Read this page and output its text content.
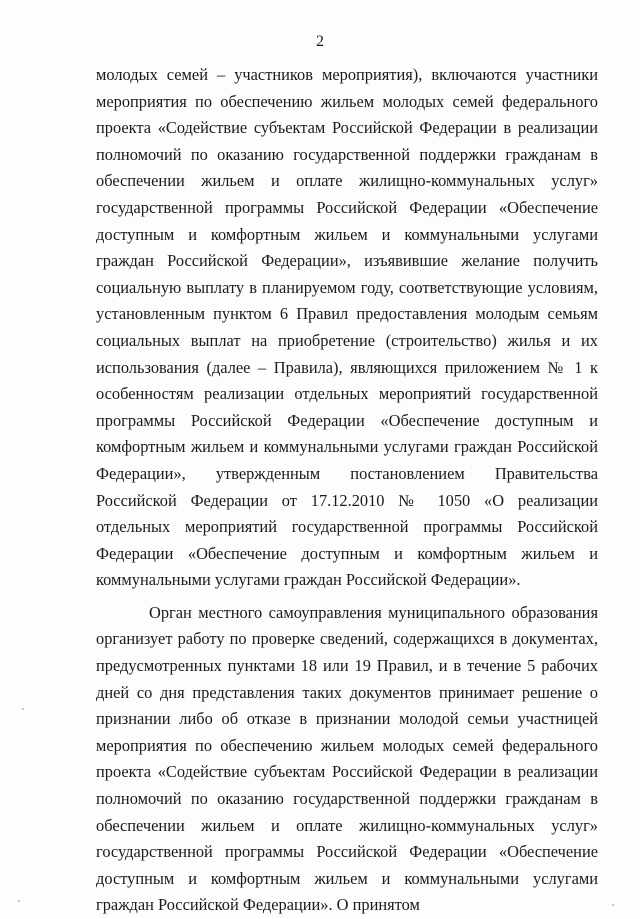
2

молодых семей – участников мероприятия), включаются участники мероприятия по обеспечению жильем молодых семей федерального проекта «Содействие субъектам Российской Федерации в реализации полномочий по оказанию государственной поддержки гражданам в обеспечении жильем и оплате жилищно-коммунальных услуг» государственной программы Российской Федерации «Обеспечение доступным и комфортным жильем и коммунальными услугами граждан Российской Федерации», изъявившие желание получить социальную выплату в планируемом году, соответствующие условиям, установленным пунктом 6 Правил предоставления молодым семьям социальных выплат на приобретение (строительство) жилья и их использования (далее – Правила), являющихся приложением № 1 к особенностям реализации отдельных мероприятий государственной программы Российской Федерации «Обеспечение доступным и комфортным жильем и коммунальными услугами граждан Российской Федерации», утвержденным постановлением Правительства Российской Федерации от 17.12.2010 № 1050 «О реализации отдельных мероприятий государственной программы Российской Федерации «Обеспечение доступным и комфортным жильем и коммунальными услугами граждан Российской Федерации».

Орган местного самоуправления муниципального образования организует работу по проверке сведений, содержащихся в документах, предусмотренных пунктами 18 или 19 Правил, и в течение 5 рабочих дней со дня представления таких документов принимает решение о признании либо об отказе в признании молодой семьи участницей мероприятия по обеспечению жильем молодых семей федерального проекта «Содействие субъектам Российской Федерации в реализации полномочий по оказанию государственной поддержки гражданам в обеспечении жильем и оплате жилищно-коммунальных услуг» государственной программы Российской Федерации «Обеспечение доступным и комфортным жильем и коммунальными услугами граждан Российской Федерации». О принятом
